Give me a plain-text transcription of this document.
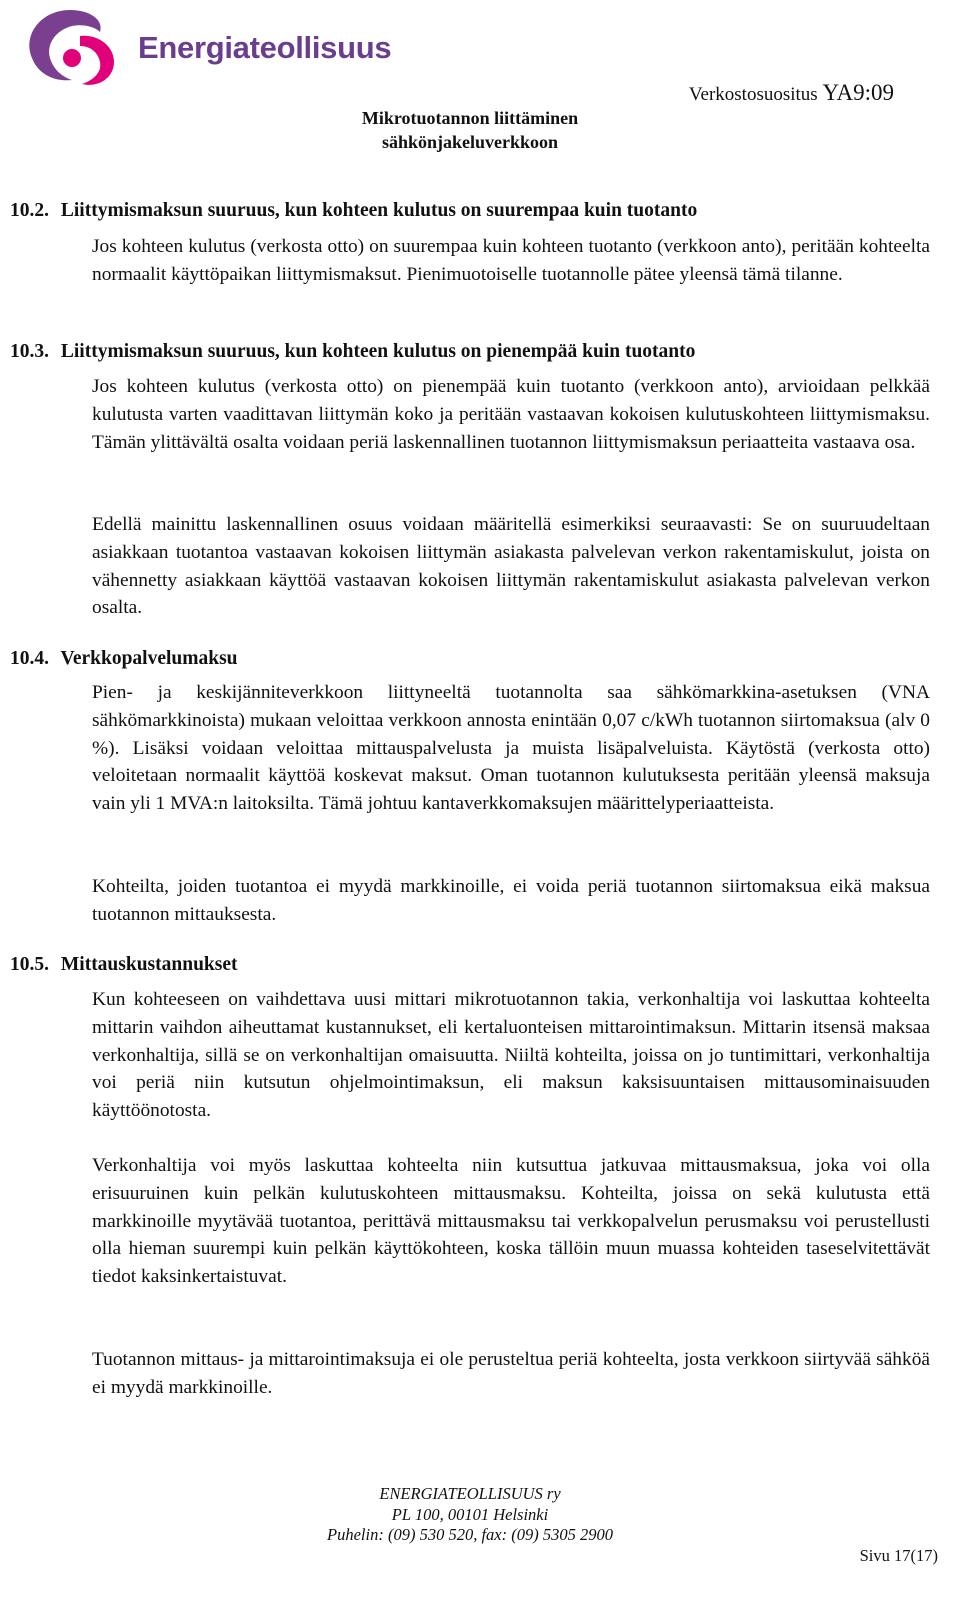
Energiateollisuus
Mikrotuotannon liittäminen
sähkönjakeluverkkoon
Verkostosuositus YA9:09
10.2. Liittymismaksun suuruus, kun kohteen kulutus on suurempaa kuin tuotanto

Jos kohteen kulutus (verkosta otto) on suurempaa kuin kohteen tuotanto (verkkoon anto), peritään kohteelta normaalit käyttöpaikan liittymismaksut. Pienimuotoiselle tuotannolle pätee yleensä tämä tilanne.

10.3. Liittymismaksun suuruus, kun kohteen kulutus on pienempää kuin tuotanto

Jos kohteen kulutus (verkosta otto) on pienempää kuin tuotanto (verkkoon anto), arvioidaan pelkkää kulutusta varten vaadittavan liittymän koko ja peritään vastaavan kokoisen kulutuskohteen liittymismaksu. Tämän ylittävältä osalta voidaan periä laskennallinen tuotannon liittymismaksun periaatteita vastaava osa.

Edellä mainittu laskennallinen osuus voidaan määritellä esimerkiksi seuraavasti: Se on suuruudeltaan asiakkaan tuotantoa vastaavan kokoisen liittymän asiakasta palvelevan verkon rakentamiskulut, joista on vähennetty asiakkaan käyttöä vastaavan kokoisen liittymän rakentamiskulut asiakasta palvelevan verkon osalta.

10.4. Verkkopalvelumaksu

Pien- ja keskijänniteverkkoon liittyneeltä tuotannolta saa sähkömarkkina-asetuksen (VNA sähkömarkkinoista) mukaan veloittaa verkkoon annosta enintään 0,07 c/kWh tuotannon siirtomaksua (alv 0 %). Lisäksi voidaan veloittaa mittauspalvelusta ja muista lisäpalveluista. Käytöstä (verkosta otto) veloitetaan normaalit käyttöä koskevat maksut. Oman tuotannon kulutuksesta peritään yleensä maksuja vain yli 1 MVA:n laitoksilta. Tämä johtuu kantaverkkomaksujen määrittelyperiaatteista.

Kohteilta, joiden tuotantoa ei myydä markkinoille, ei voida periä tuotannon siirtomaksua eikä maksua tuotannon mittauksesta.

10.5. Mittauskustannukset

Kun kohteeseen on vaihdettava uusi mittari mikrotuotannon takia, verkonhaltija voi laskuttaa kohteelta mittarin vaihdon aiheuttamat kustannukset, eli kertaluonteisen mittarointimaksun. Mittarin itsensä maksaa verkonhaltija, sillä se on verkonhaltijan omaisuutta. Niiltä kohteilta, joissa on jo tuntimittari, verkonhaltija voi periä niin kutsutun ohjelmointimaksun, eli maksun kaksisuuntaisen mittausominaisuuden käyttöönotosta.

Verkonhaltija voi myös laskuttaa kohteelta niin kutsuttua jatkuvaa mittausmaksua, joka voi olla erisuuruinen kuin pelkän kulutuskohteen mittausmaksu. Kohteilta, joissa on sekä kulutusta että markkinoille myytävää tuotantoa, perittävä mittausmaksu tai verkkopalvelun perusmaksu voi perustellusti olla hieman suurempi kuin pelkän käyttökohteen, koska tällöin muun muassa kohteiden taseselvitettävät tiedot kaksinkertaistuvat.

Tuotannon mittaus- ja mittarointimaksuja ei ole perusteltua periä kohteelta, josta verkkoon siirtyvää sähköä ei myydä markkinoille.

ENERGIATEOLLISUUS ry
PL 100, 00101 Helsinki
Puhelin: (09) 530 520, fax: (09) 5305 2900
Sivu 17(17)
